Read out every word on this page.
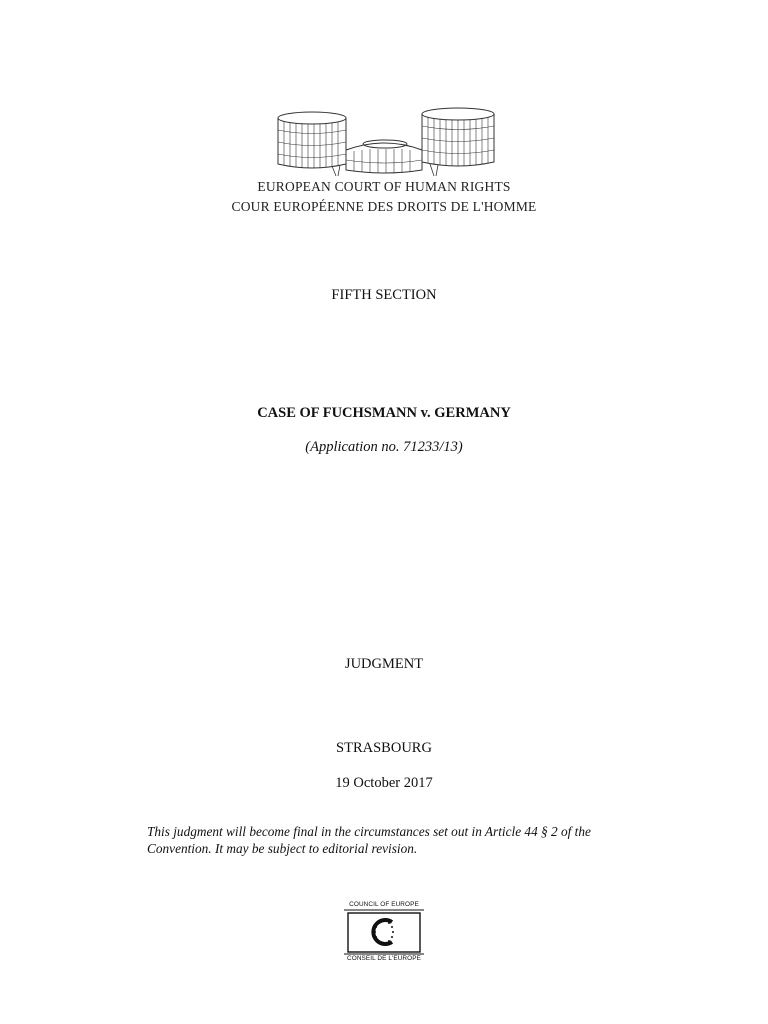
EUROPEAN COURT OF HUMAN RIGHTS

COUR EUROPÉENNE DES DROITS DE L'HOMME

FIFTH SECTION

CASE OF FUCHSMANN v. GERMANY

(Application no. 71233/13)

JUDGMENT

STRASBOURG

19 October 2017

This judgment will become final in the circumstances set out in Article 44 § 2 of the Convention. It may be subject to editorial revision.

COUNCIL OF EUROPE

CONSEIL DE L'EUROPE
